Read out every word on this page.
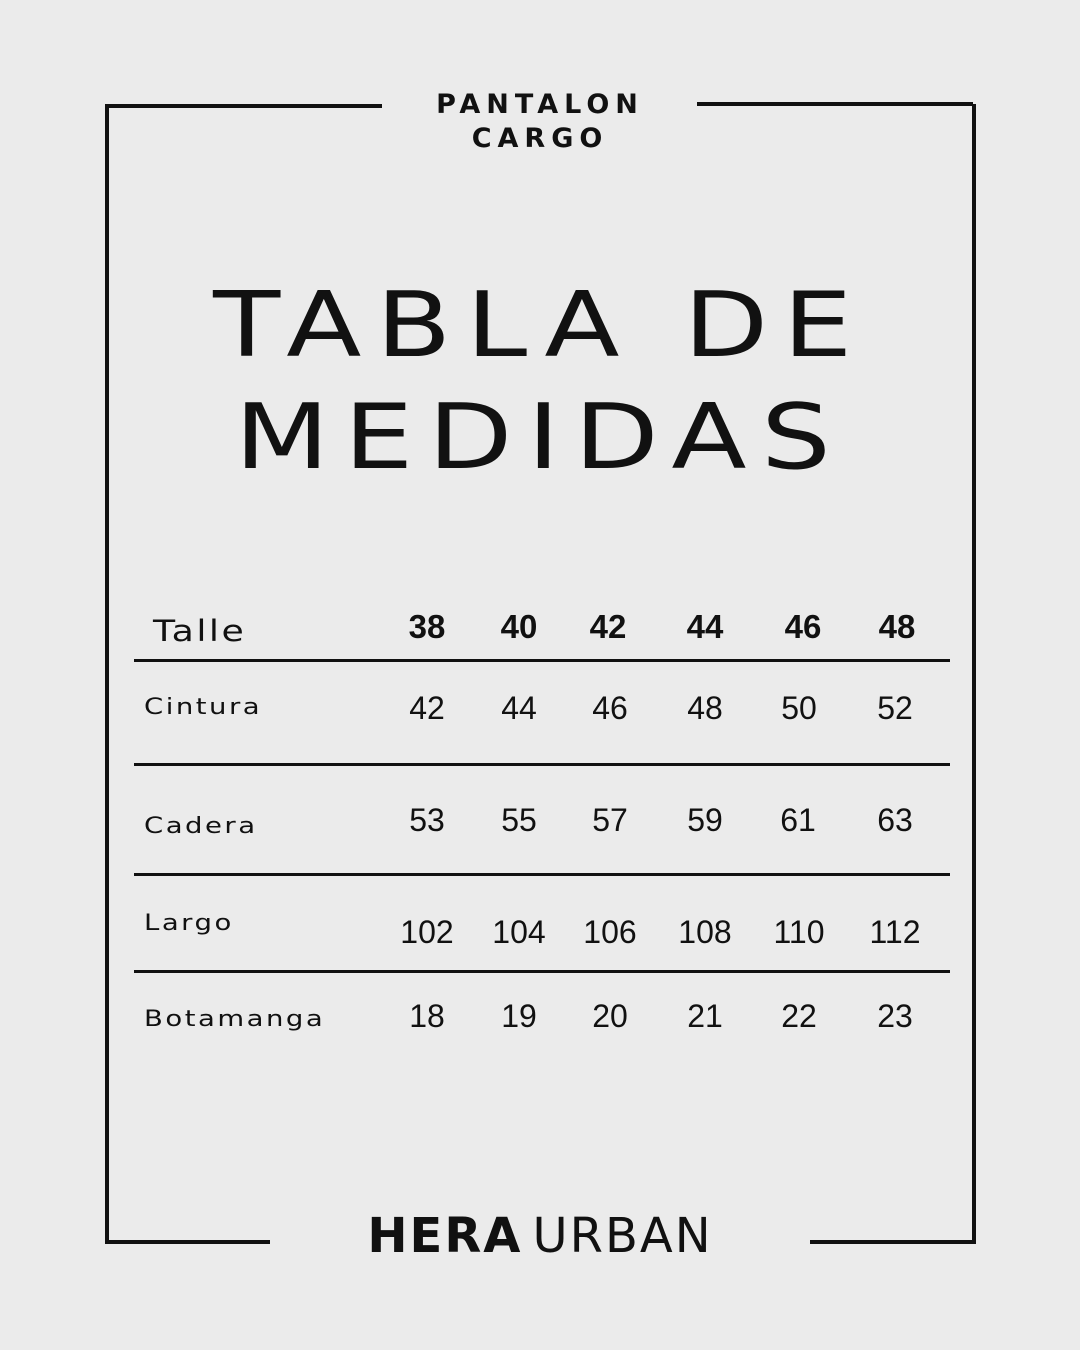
PANTALON
CARGO
TABLA DE
MEDIDAS
Talle	38	40	42	44	46	48
Cintura	42	44	46	48	50	52
Cadera	53	55	57	59	61	63
Largo	102	104	106	108	110	112
Botamanga	18	19	20	21	22	23
HERA URBAN
